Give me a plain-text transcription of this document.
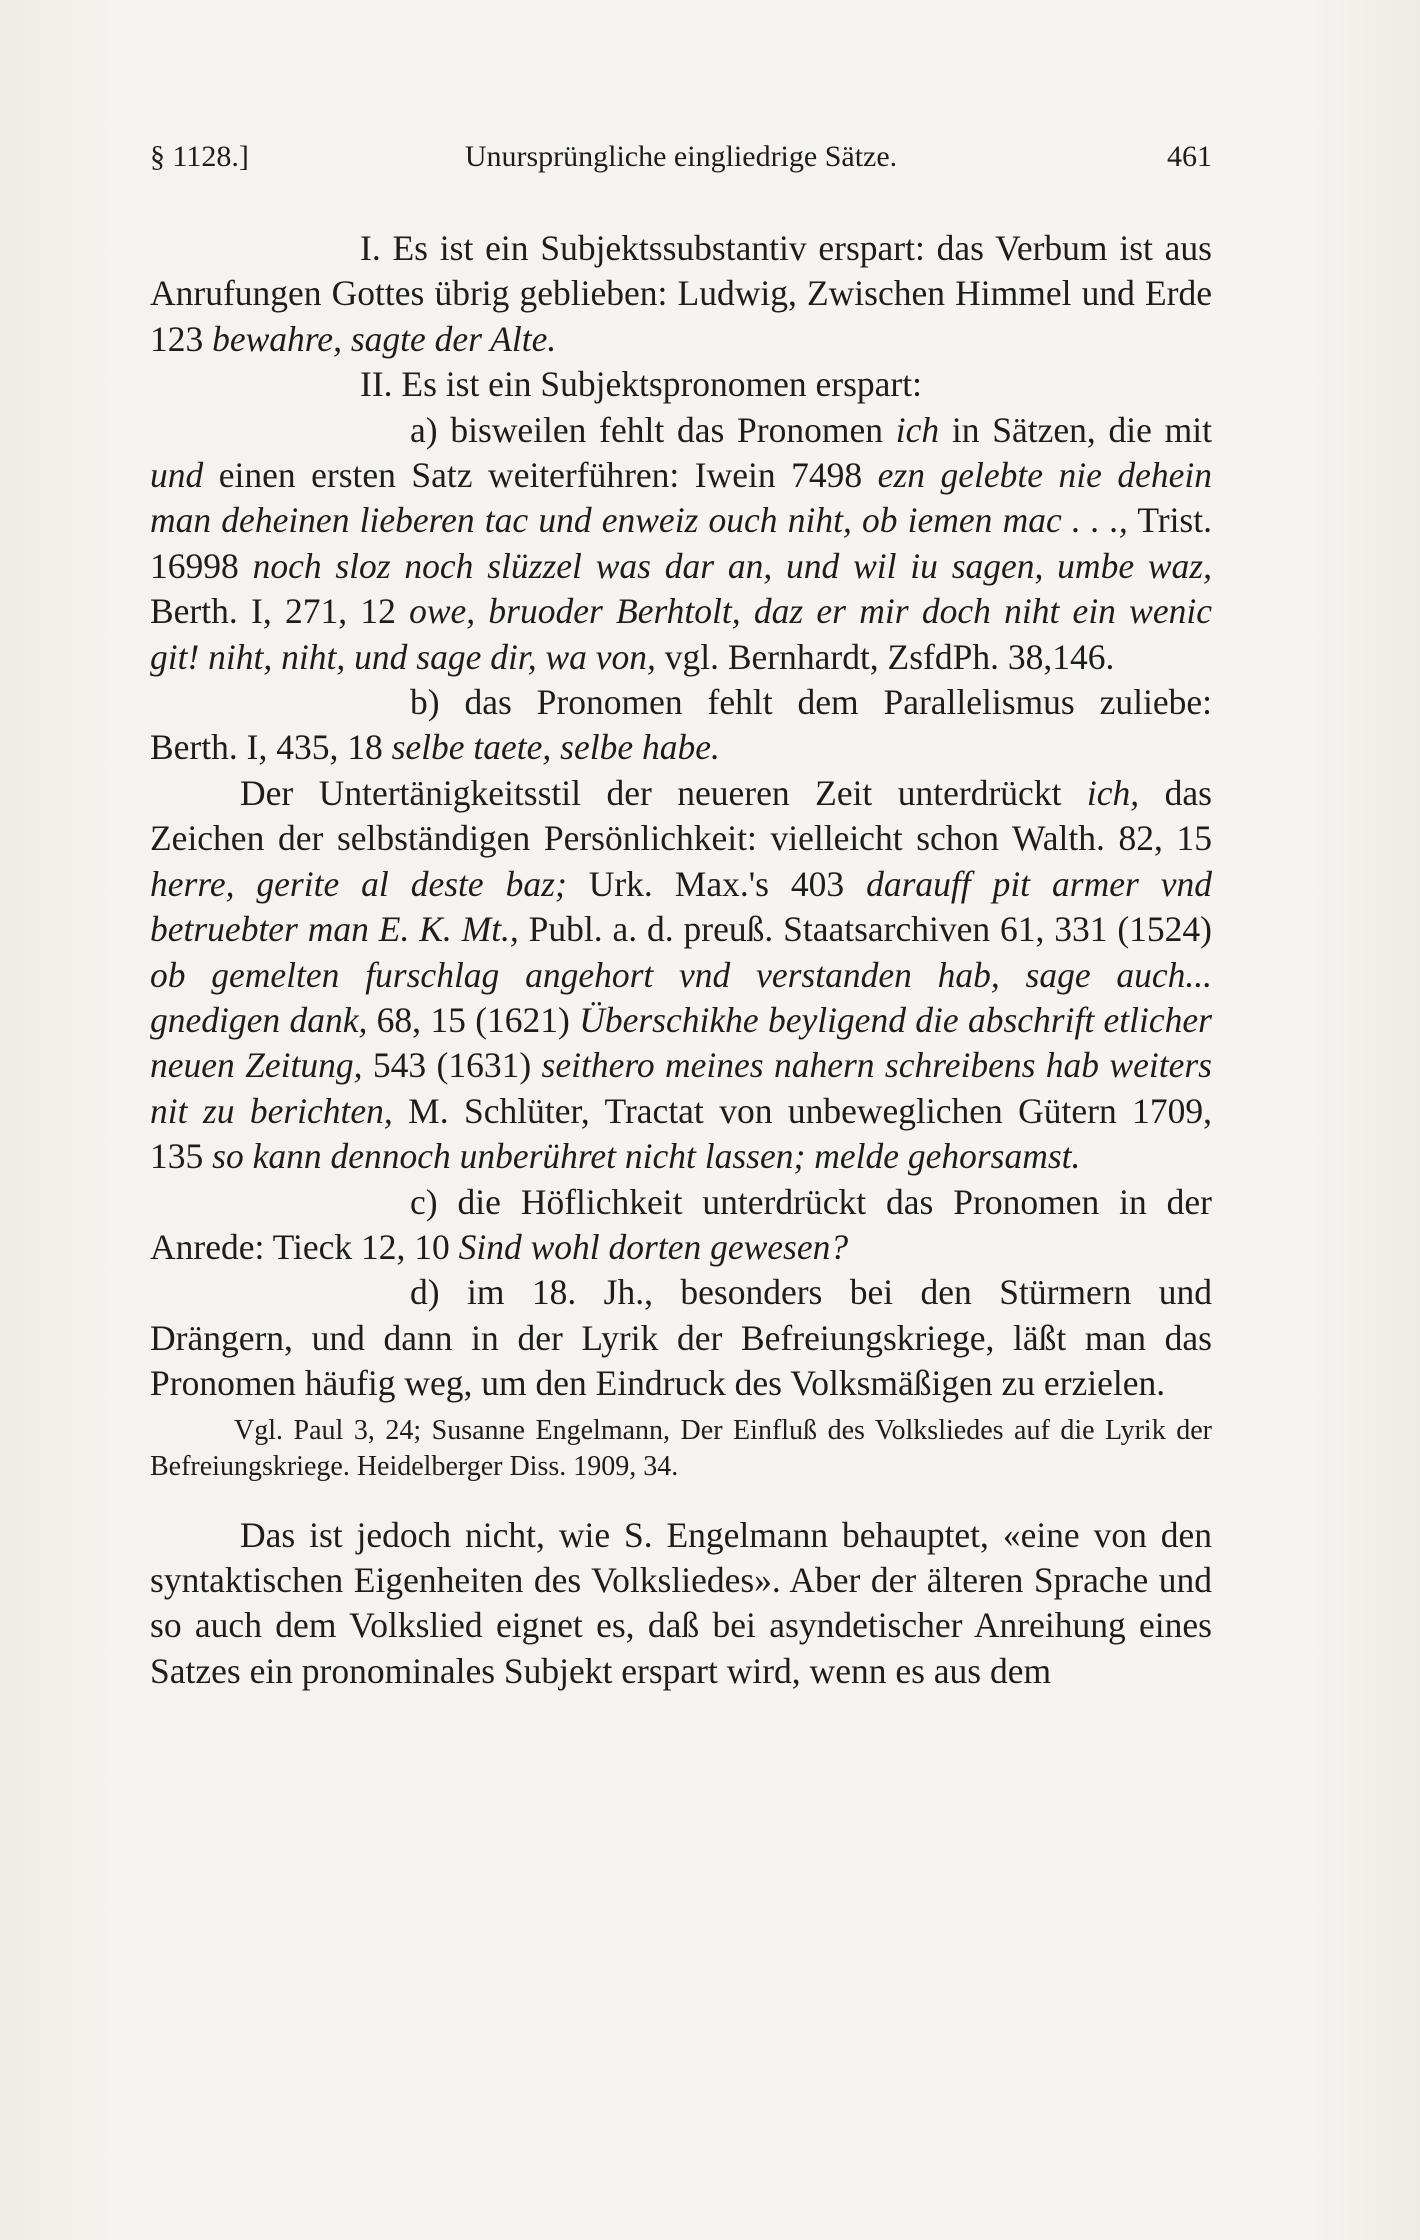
§ 1128.]	Unursprüngliche eingliedrige Sätze.	461

I. Es ist ein Subjektssubstantiv erspart: das Verbum ist aus Anrufungen Gottes übrig geblieben: Ludwig, Zwischen Himmel und Erde 123 bewahre, sagte der Alte.

II. Es ist ein Subjektspronomen erspart:

a) bisweilen fehlt das Pronomen ich in Sätzen, die mit und einen ersten Satz weiterführen: Iwein 7498 ezn gelebte nie dehein man deheinen lieberen tac und enweiz ouch niht, ob iemen mac . . ., Trist. 16998 noch sloz noch slüzzel was dar an, und wil iu sagen, umbe waz, Berth. I, 271, 12 owe, bruoder Berhtolt, daz er mir doch niht ein wenic git! niht, niht, und sage dir, wa von, vgl. Bernhardt, ZsfdPh. 38,146.

b) das Pronomen fehlt dem Parallelismus zuliebe: Berth. I, 435, 18 selbe taete, selbe habe.

Der Untertänigkeitsstil der neueren Zeit unterdrückt ich, das Zeichen der selbständigen Persönlichkeit: vielleicht schon Walth. 82, 15 herre, gerite al deste baz; Urk. Max.'s 403 darauff pit armer vnd betruebter man E. K. Mt., Publ. a. d. preuß. Staatsarchiven 61, 331 (1524) ob gemelten furschlag angehort vnd verstanden hab, sage auch... gnedigen dank, 68, 15 (1621) Überschikhe beyligend die abschrift etlicher neuen Zeitung, 543 (1631) seithero meines nahern schreibens hab weiters nit zu berichten, M. Schlüter, Tractat von unbeweglichen Gütern 1709, 135 so kann dennoch unberühret nicht lassen; melde gehorsamst.

c) die Höflichkeit unterdrückt das Pronomen in der Anrede: Tieck 12, 10 Sind wohl dorten gewesen?

d) im 18. Jh., besonders bei den Stürmern und Drängern, und dann in der Lyrik der Befreiungskriege, läßt man das Pronomen häufig weg, um den Eindruck des Volksmäßigen zu erzielen.

Vgl. Paul 3, 24; Susanne Engelmann, Der Einfluß des Volksliedes auf die Lyrik der Befreiungskriege. Heidelberger Diss. 1909, 34.

Das ist jedoch nicht, wie S. Engelmann behauptet, «eine von den syntaktischen Eigenheiten des Volksliedes». Aber der älteren Sprache und so auch dem Volkslied eignet es, daß bei asyndetischer Anreihung eines Satzes ein pronominales Subjekt erspart wird, wenn es aus dem
